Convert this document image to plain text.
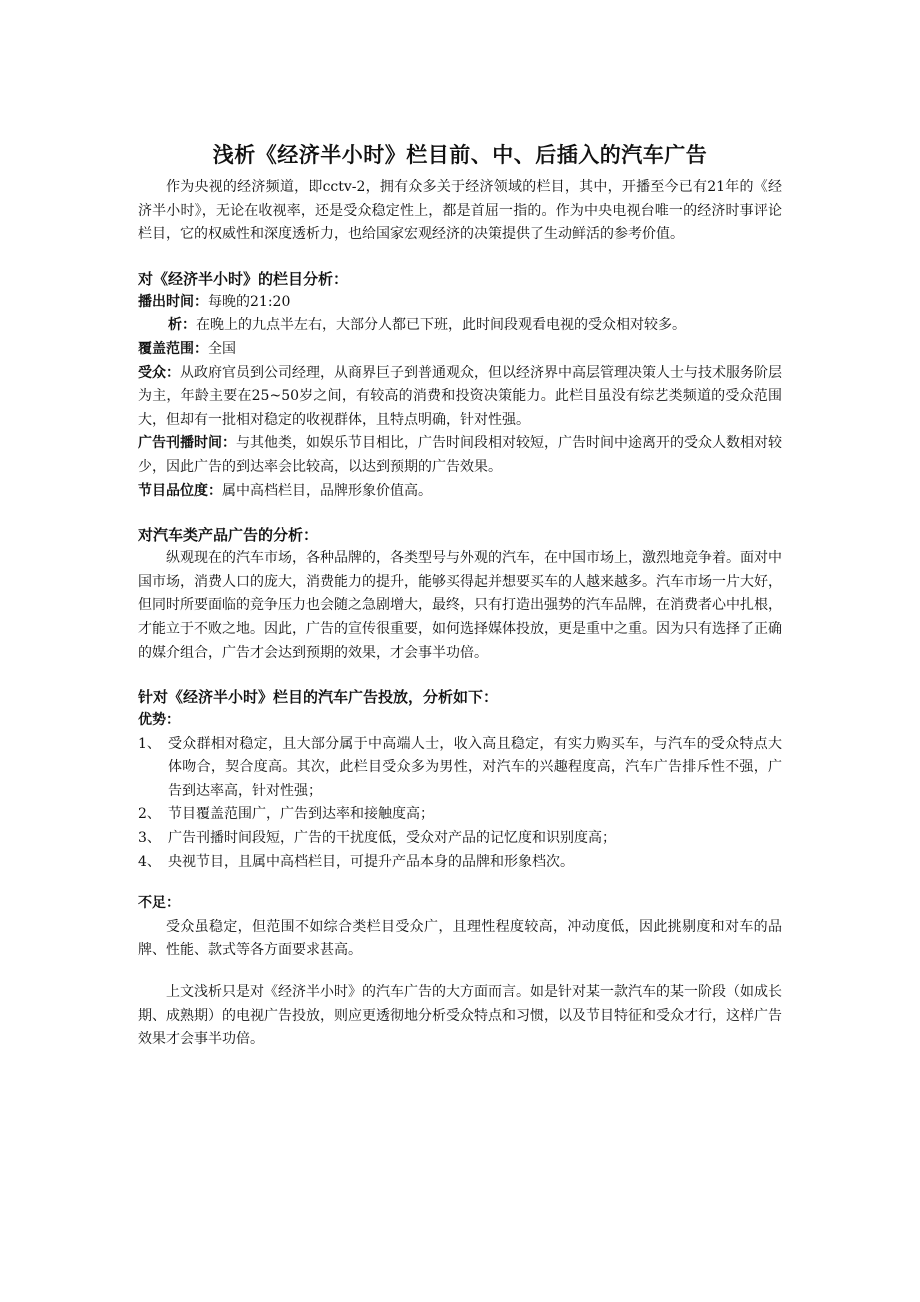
浅析《经济半小时》栏目前、中、后插入的汽车广告

作为央视的经济频道，即cctv-2，拥有众多关于经济领域的栏目，其中，开播至今已有21年的《经济半小时》，无论在收视率，还是受众稳定性上，都是首屈一指的。作为中央电视台唯一的经济时事评论栏目，它的权威性和深度透析力，也给国家宏观经济的决策提供了生动鲜活的参考价值。

对《经济半小时》的栏目分析：

播出时间：每晚的21:20

析：在晚上的九点半左右，大部分人都已下班，此时间段观看电视的受众相对较多。

覆盖范围：全国

受众：从政府官员到公司经理，从商界巨子到普通观众，但以经济界中高层管理决策人士与技术服务阶层为主，年龄主要在25~50岁之间，有较高的消费和投资决策能力。此栏目虽没有综艺类频道的受众范围大，但却有一批相对稳定的收视群体，且特点明确，针对性强。

广告刊播时间：与其他类，如娱乐节目相比，广告时间段相对较短，广告时间中途离开的受众人数相对较少，因此广告的到达率会比较高，以达到预期的广告效果。

节目品位度：属中高档栏目，品牌形象价值高。

对汽车类产品广告的分析：

纵观现在的汽车市场，各种品牌的，各类型号与外观的汽车，在中国市场上，激烈地竞争着。面对中国市场，消费人口的庞大，消费能力的提升，能够买得起并想要买车的人越来越多。汽车市场一片大好，但同时所要面临的竞争压力也会随之急剧增大，最终，只有打造出强势的汽车品牌，在消费者心中扎根，才能立于不败之地。因此，广告的宣传很重要，如何选择媒体投放，更是重中之重。因为只有选择了正确的媒介组合，广告才会达到预期的效果，才会事半功倍。

针对《经济半小时》栏目的汽车广告投放，分析如下：
优势：
1、 受众群相对稳定，且大部分属于中高端人士，收入高且稳定，有实力购买车，与汽车的受众特点大体吻合，契合度高。其次，此栏目受众多为男性，对汽车的兴趣程度高，汽车广告排斥性不强，广告到达率高，针对性强；
2、 节目覆盖范围广，广告到达率和接触度高；
3、 广告刊播时间段短，广告的干扰度低，受众对产品的记忆度和识别度高；
4、 央视节目，且属中高档栏目，可提升产品本身的品牌和形象档次。
不足：

受众虽稳定，但范围不如综合类栏目受众广，且理性程度较高，冲动度低，因此挑剔度和对车的品牌、性能、款式等各方面要求甚高。

上文浅析只是对《经济半小时》的汽车广告的大方面而言。如是针对某一款汽车的某一阶段（如成长期、成熟期）的电视广告投放，则应更透彻地分析受众特点和习惯，以及节目特征和受众才行，这样广告效果才会事半功倍。
